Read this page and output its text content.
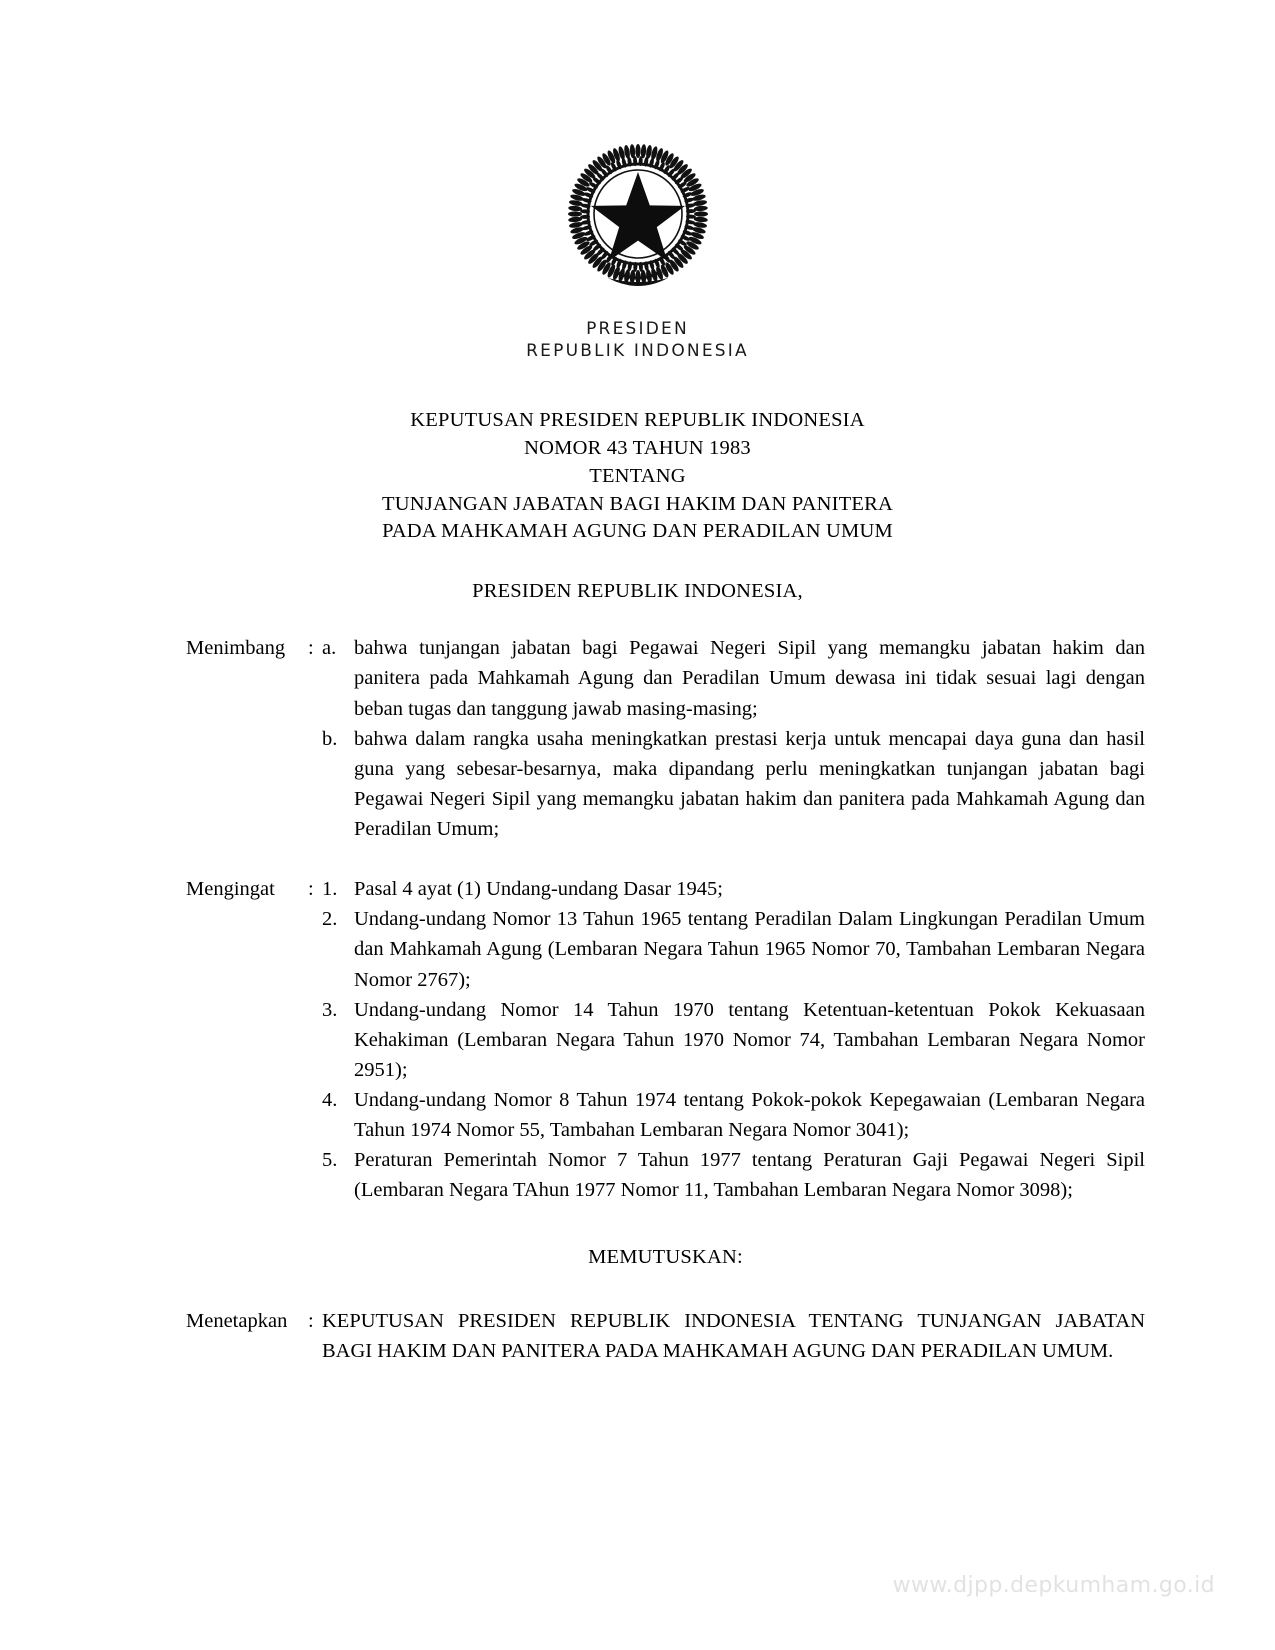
PRESIDEN
REPUBLIK INDONESIA
KEPUTUSAN PRESIDEN REPUBLIK INDONESIA
NOMOR 43 TAHUN 1983
TENTANG
TUNJANGAN JABATAN BAGI HAKIM DAN PANITERA
PADA MAHKAMAH AGUNG DAN PERADILAN UMUM
PRESIDEN REPUBLIK INDONESIA,
Menimbang	: a. bahwa tunjangan jabatan bagi Pegawai Negeri Sipil yang memangku jabatan hakim dan panitera pada Mahkamah Agung dan Peradilan Umum dewasa ini tidak sesuai lagi dengan beban tugas dan tanggung jawab masing-masing;
b. bahwa dalam rangka usaha meningkatkan prestasi kerja untuk mencapai daya guna dan hasil guna yang sebesar-besarnya, maka dipandang perlu meningkatkan tunjangan jabatan bagi Pegawai Negeri Sipil yang memangku jabatan hakim dan panitera pada Mahkamah Agung dan Peradilan Umum;
Mengingat	: 1. Pasal 4 ayat (1) Undang-undang Dasar 1945;
2. Undang-undang Nomor 13 Tahun 1965 tentang Peradilan Dalam Lingkungan Peradilan Umum dan Mahkamah Agung (Lembaran Negara Tahun 1965 Nomor 70, Tambahan Lembaran Negara Nomor 2767);
3. Undang-undang Nomor 14 Tahun 1970 tentang Ketentuan-ketentuan Pokok Kekuasaan Kehakiman (Lembaran Negara Tahun 1970 Nomor 74, Tambahan Lembaran Negara Nomor 2951);
4. Undang-undang Nomor 8 Tahun 1974 tentang Pokok-pokok Kepegawaian (Lembaran Negara Tahun 1974 Nomor 55, Tambahan Lembaran Negara Nomor 3041);
5. Peraturan Pemerintah Nomor 7 Tahun 1977 tentang Peraturan Gaji Pegawai Negeri Sipil (Lembaran Negara TAhun 1977 Nomor 11, Tambahan Lembaran Negara Nomor 3098);
MEMUTUSKAN:
Menetapkan	: KEPUTUSAN PRESIDEN REPUBLIK INDONESIA TENTANG TUNJANGAN JABATAN BAGI HAKIM DAN PANITERA PADA MAHKAMAH AGUNG DAN PERADILAN UMUM.
www.djpp.depkumham.go.id
